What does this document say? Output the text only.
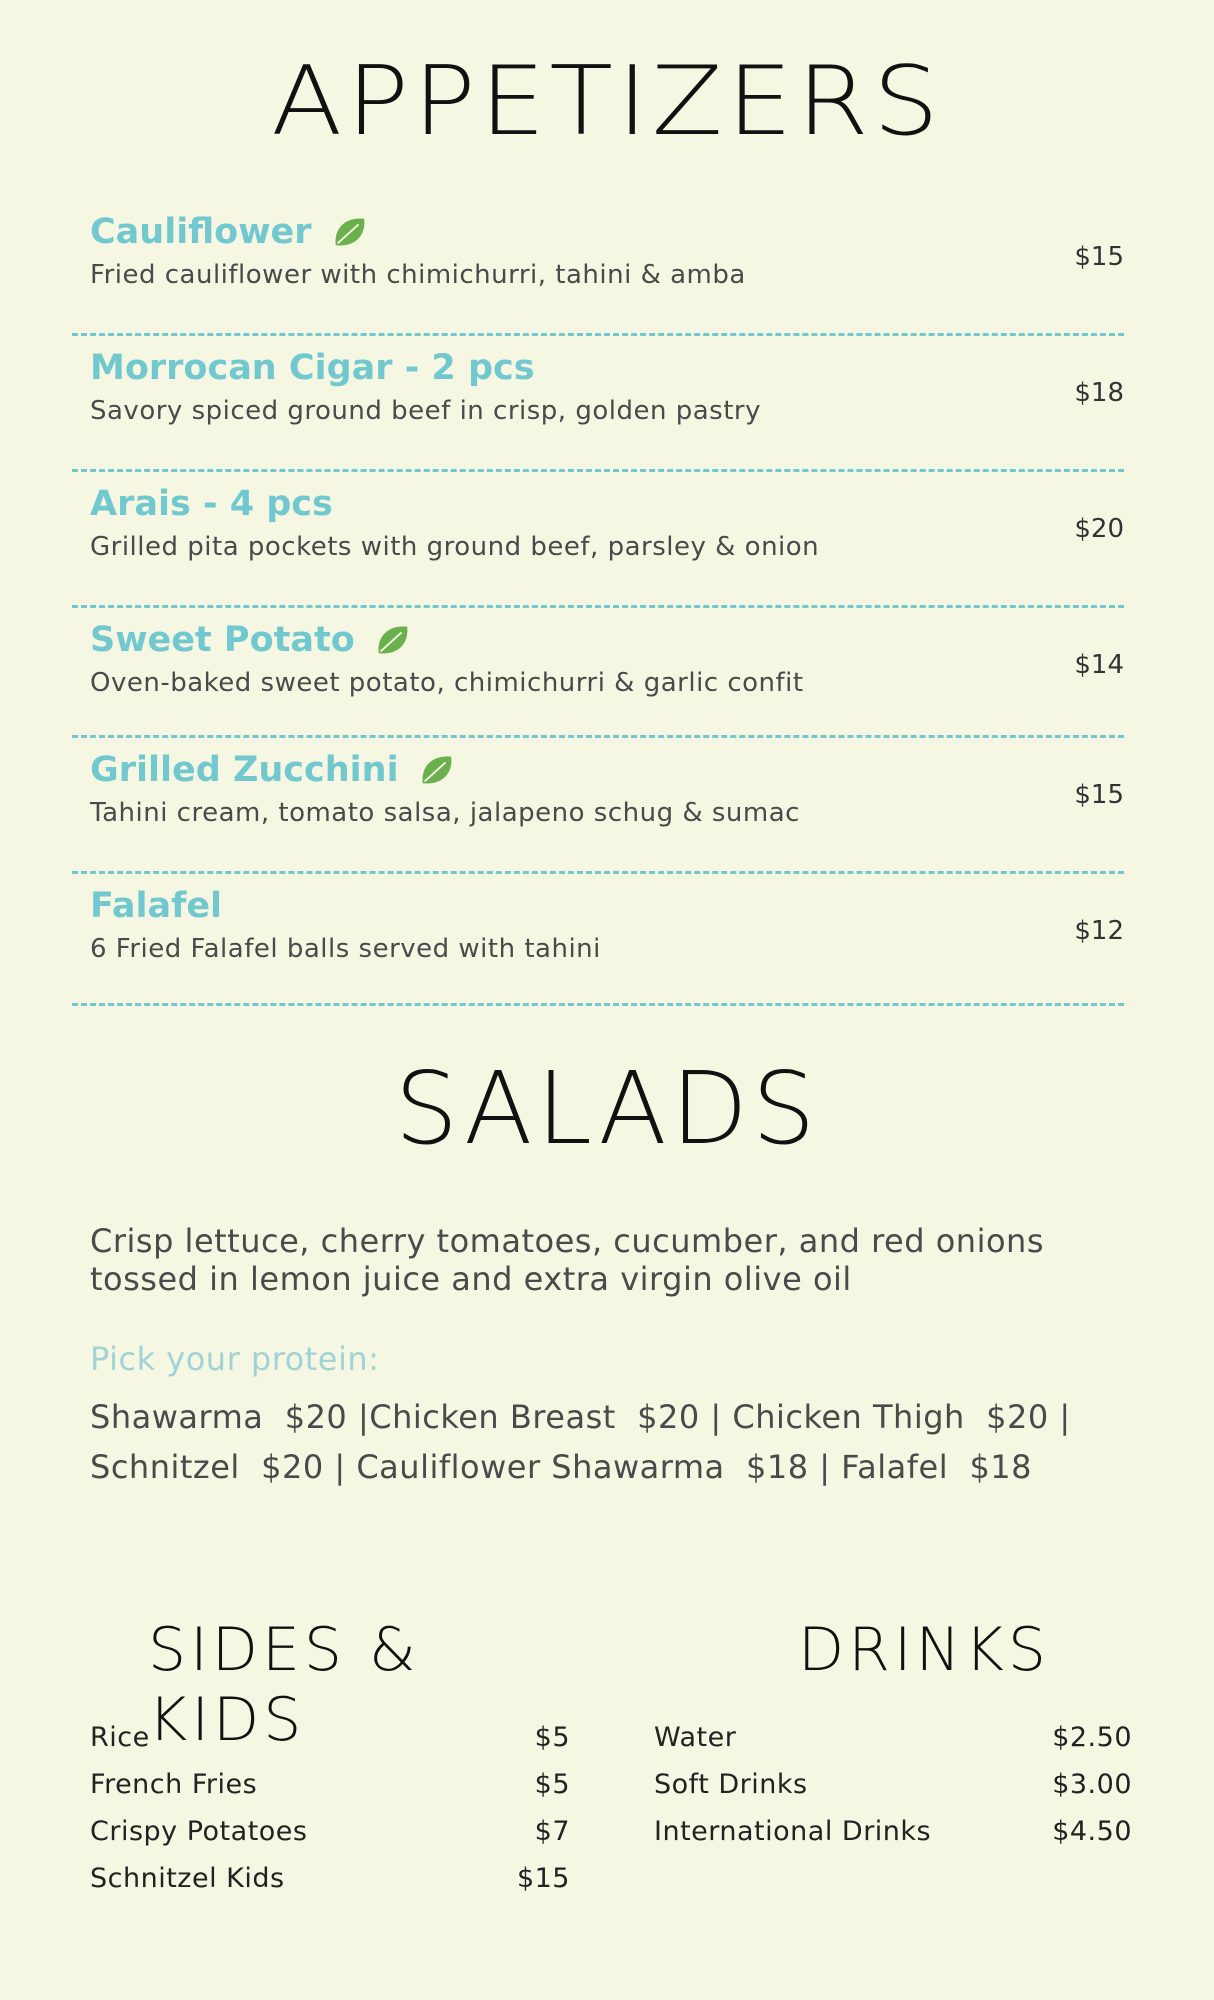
APPETIZERS
Cauliflower
Fried cauliflower with chimichurri, tahini & amba
$15
Morrocan Cigar - 2 pcs
Savory spiced ground beef in crisp, golden pastry
$18
Arais - 4 pcs
Grilled pita pockets with ground beef, parsley & onion
$20
Sweet Potato
Oven-baked sweet potato, chimichurri & garlic confit
$14
Grilled Zucchini
Tahini cream, tomato salsa, jalapeno schug & sumac
$15
Falafel
6 Fried Falafel balls served with tahini
$12
SALADS
Crisp lettuce, cherry tomatoes, cucumber, and red onions tossed in lemon juice and extra virgin olive oil
Pick your protein:
Shawarma  $20 |Chicken Breast  $20 | Chicken Thigh  $20 |
Schnitzel  $20 | Cauliflower Shawarma  $18 | Falafel  $18
SIDES & KIDS
DRINKS
Rice	$5
French Fries	$5
Crispy Potatoes	$7
Schnitzel Kids	$15
Water	$2.50
Soft Drinks	$3.00
International Drinks	$4.50
